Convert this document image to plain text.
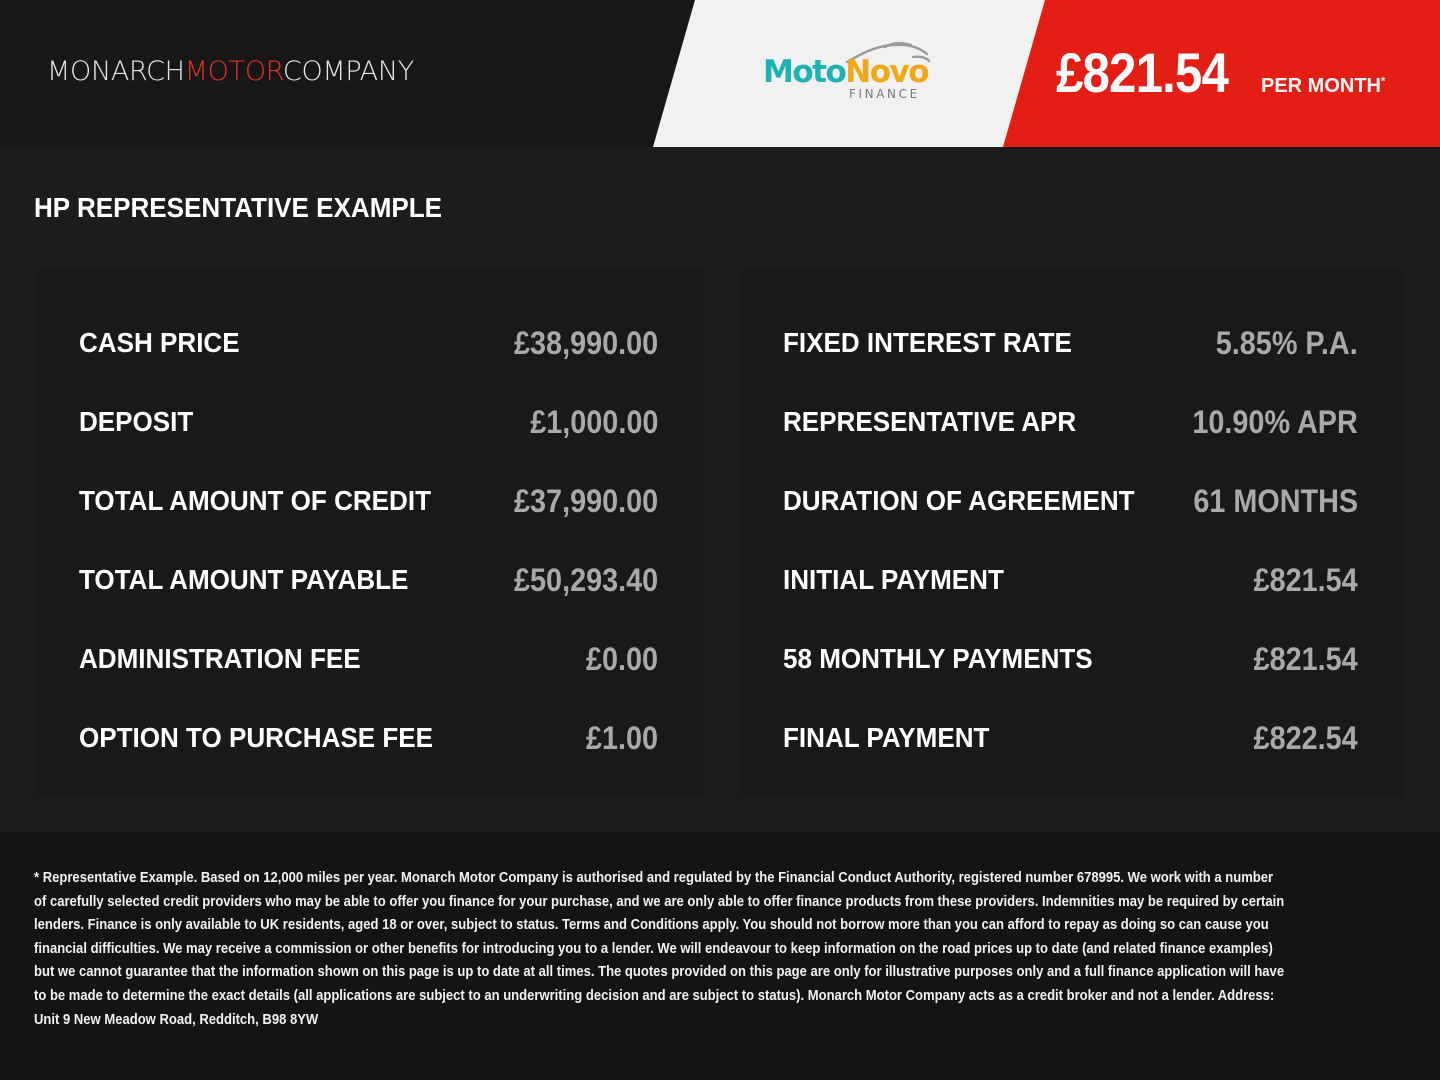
MONARCHMOTORCOMPANY	MotoNovo
FINANCE £821.54 PER MONTH*
HP REPRESENTATIVE EXAMPLE
CASH PRICE	£38,990.00
DEPOSIT	£1,000.00
TOTAL AMOUNT OF CREDIT	£37,990.00
TOTAL AMOUNT PAYABLE	£50,293.40
ADMINISTRATION FEE	£0.00
OPTION TO PURCHASE FEE	£1.00
FIXED INTEREST RATE	5.85% P.A.
REPRESENTATIVE APR	10.90% APR
DURATION OF AGREEMENT 61 MONTHS
INITIAL PAYMENT	£821.54
58 MONTHLY PAYMENTS	£821.54
FINAL PAYMENT	£822.54
* Representative Example. Based on 12,000 miles per year. Monarch Motor Company is authorised and regulated by the Financial Conduct Authority, registered number 678995. We work with a number of carefully selected credit providers who may be able to offer you finance for your purchase, and we are only able to offer finance products from these providers. Indemnities may be required by certain lenders. Finance is only available to UK residents, aged 18 or over, subject to status. Terms and Conditions apply. You should not borrow more than you can afford to repay as doing so can cause you financial difficulties. We may receive a commission or other benefits for introducing you to a lender. We will endeavour to keep information on the road prices up to date (and related finance examples) but we cannot guarantee that the information shown on this page is up to date at all times. The quotes provided on this page are only for illustrative purposes only and a full finance application will have to be made to determine the exact details (all applications are subject to an underwriting decision and are subject to status). Monarch Motor Company acts as a credit broker and not a lender. Address: Unit 9 New Meadow Road, Redditch, B98 8YW
